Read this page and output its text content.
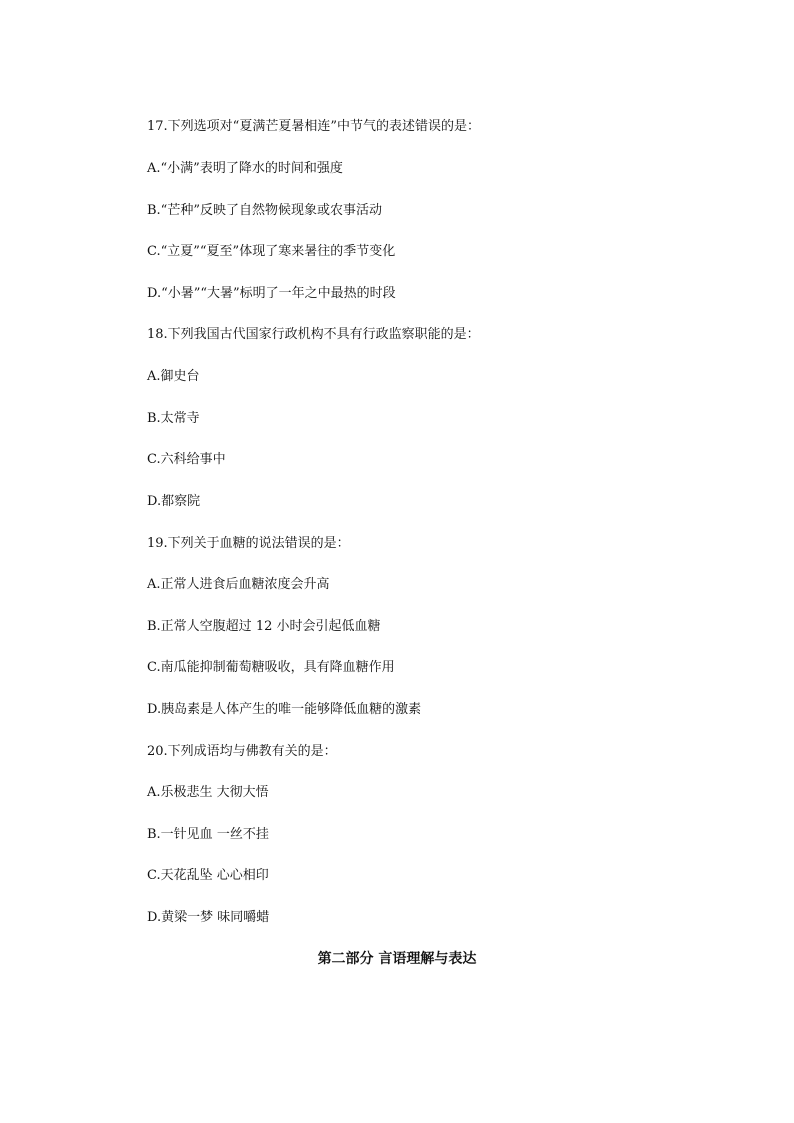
17.下列选项对“夏满芒夏暑相连”中节气的表述错误的是：
A.“小满”表明了降水的时间和强度
B.“芒种”反映了自然物候现象或农事活动
C.“立夏”“夏至”体现了寒来暑往的季节变化
D.“小暑”“大暑”标明了一年之中最热的时段
18.下列我国古代国家行政机构不具有行政监察职能的是：
A.御史台
B.太常寺
C.六科给事中
D.都察院
19.下列关于血糖的说法错误的是：
A.正常人进食后血糖浓度会升高
B.正常人空腹超过 12 小时会引起低血糖
C.南瓜能抑制葡萄糖吸收，具有降血糖作用
D.胰岛素是人体产生的唯一能够降低血糖的激素
20.下列成语均与佛教有关的是：
A.乐极悲生 大彻大悟
B.一针见血 一丝不挂
C.天花乱坠 心心相印
D.黄梁一梦 味同嚼蜡
第二部分 言语理解与表达
